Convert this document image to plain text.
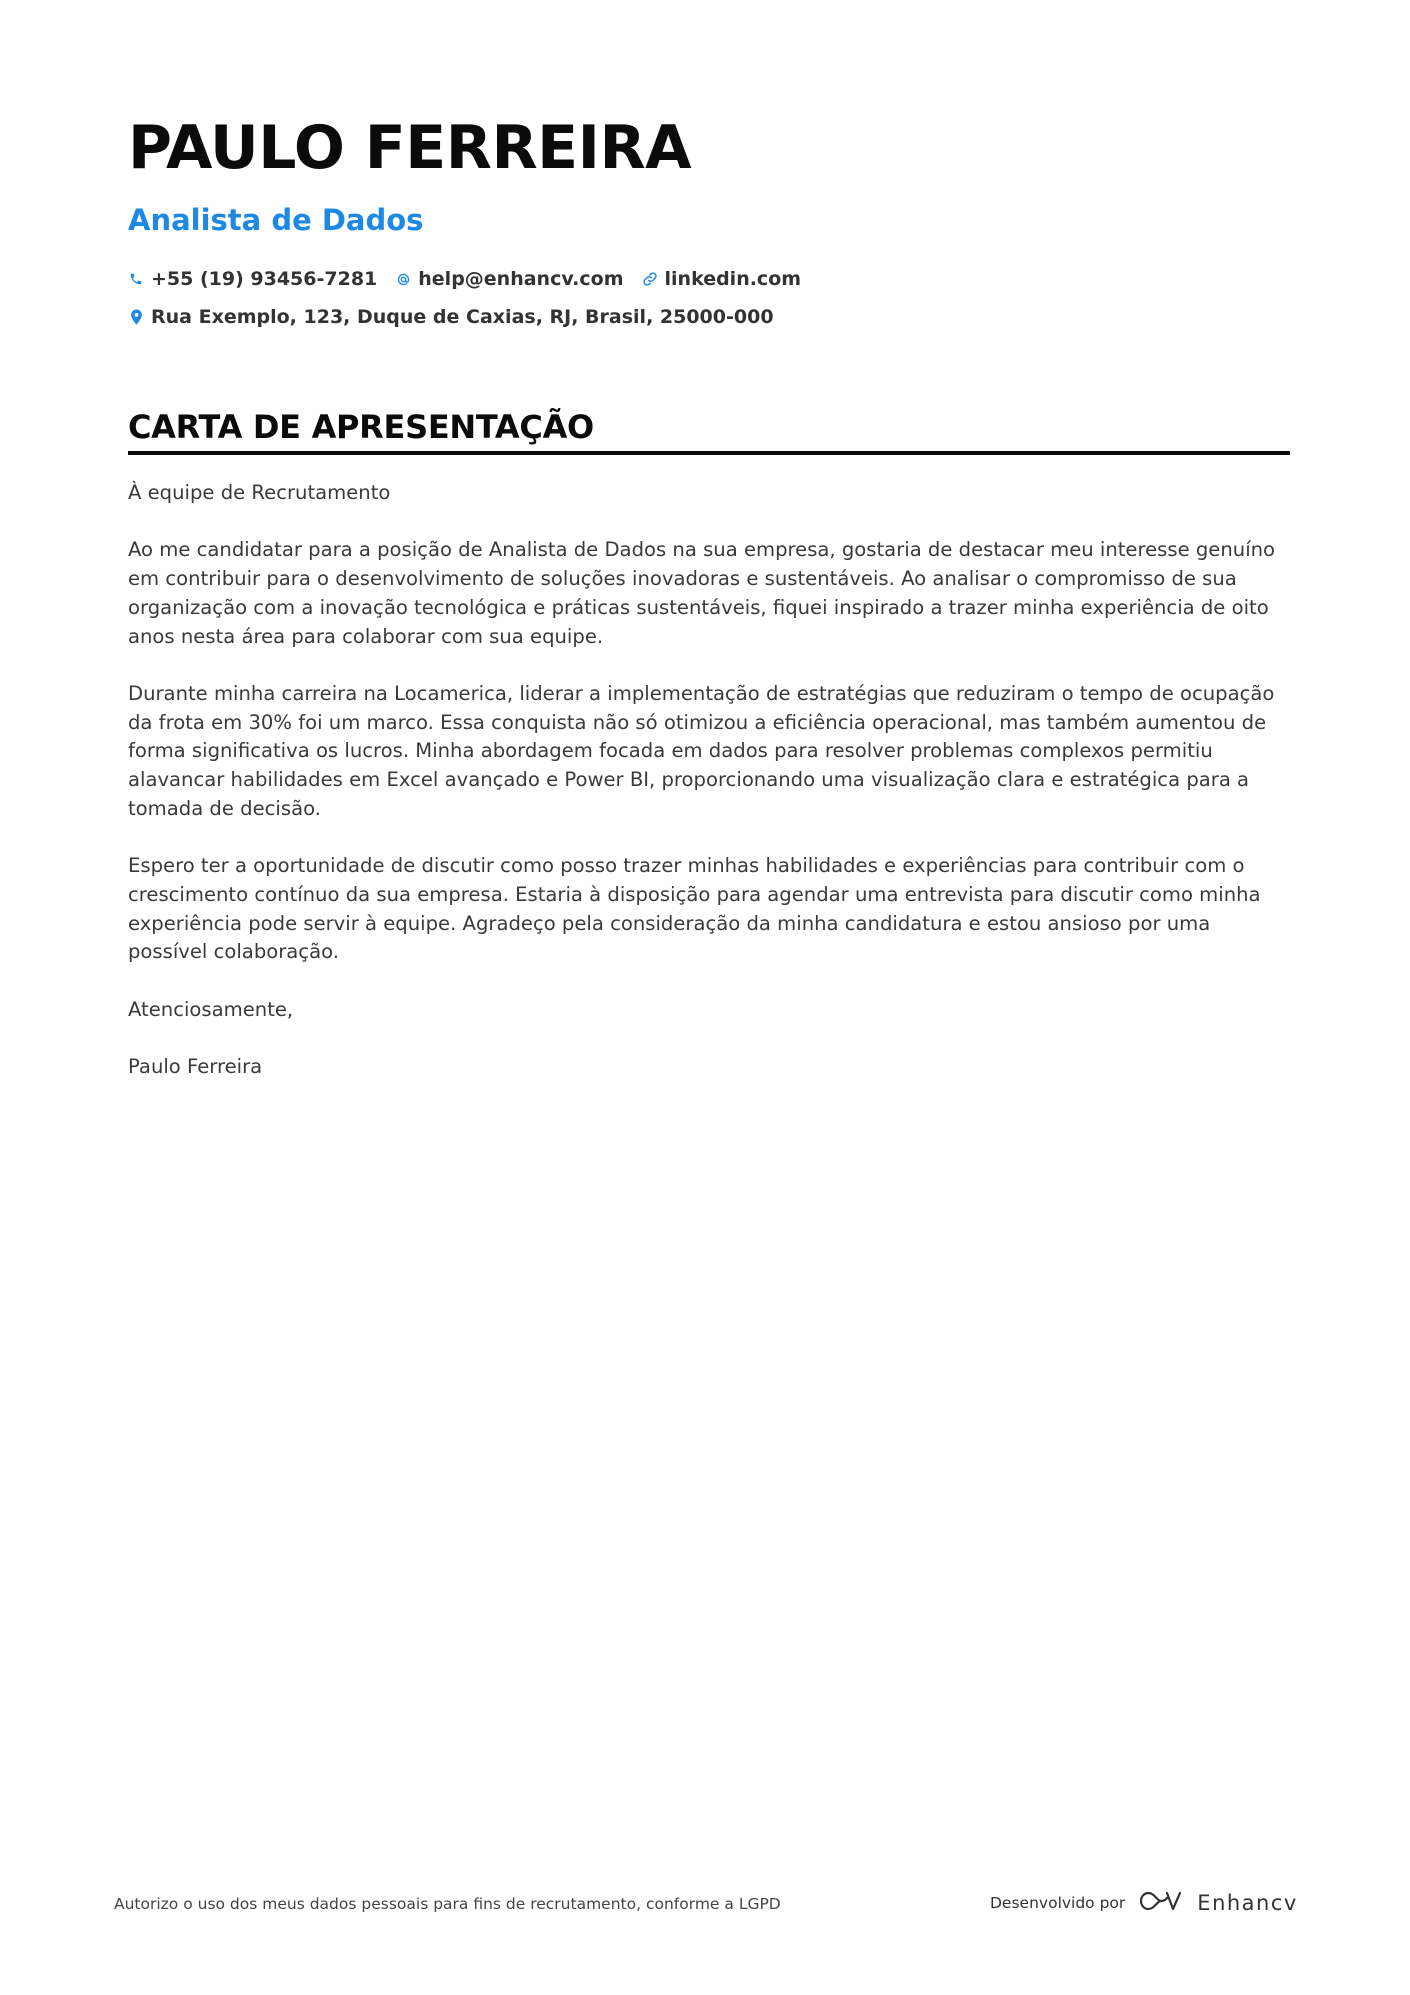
PAULO FERREIRA
Analista de Dados
+55 (19) 93456-7281 help@enhancv.com linkedin.com
Rua Exemplo, 123, Duque de Caxias, RJ, Brasil, 25000-000
CARTA DE APRESENTAÇÃO

À equipe de Recrutamento

Ao me candidatar para a posição de Analista de Dados na sua empresa, gostaria de destacar meu interesse genuíno em contribuir para o desenvolvimento de soluções inovadoras e sustentáveis. Ao analisar o compromisso de sua organização com a inovação tecnológica e práticas sustentáveis, fiquei inspirado a trazer minha experiência de oito anos nesta área para colaborar com sua equipe.

Durante minha carreira na Locamerica, liderar a implementação de estratégias que reduziram o tempo de ocupação da frota em 30% foi um marco. Essa conquista não só otimizou a eficiência operacional, mas também aumentou de forma significativa os lucros. Minha abordagem focada em dados para resolver problemas complexos permitiu alavancar habilidades em Excel avançado e Power BI, proporcionando uma visualização clara e estratégica para a tomada de decisão.

Espero ter a oportunidade de discutir como posso trazer minhas habilidades e experiências para contribuir com o crescimento contínuo da sua empresa. Estaria à disposição para agendar uma entrevista para discutir como minha experiência pode servir à equipe. Agradeço pela consideração da minha candidatura e estou ansioso por uma possível colaboração.

Atenciosamente,

Paulo Ferreira

Autorizo o uso dos meus dados pessoais para fins de recrutamento, conforme a LGPD	Desenvolvido por	Enhancv
